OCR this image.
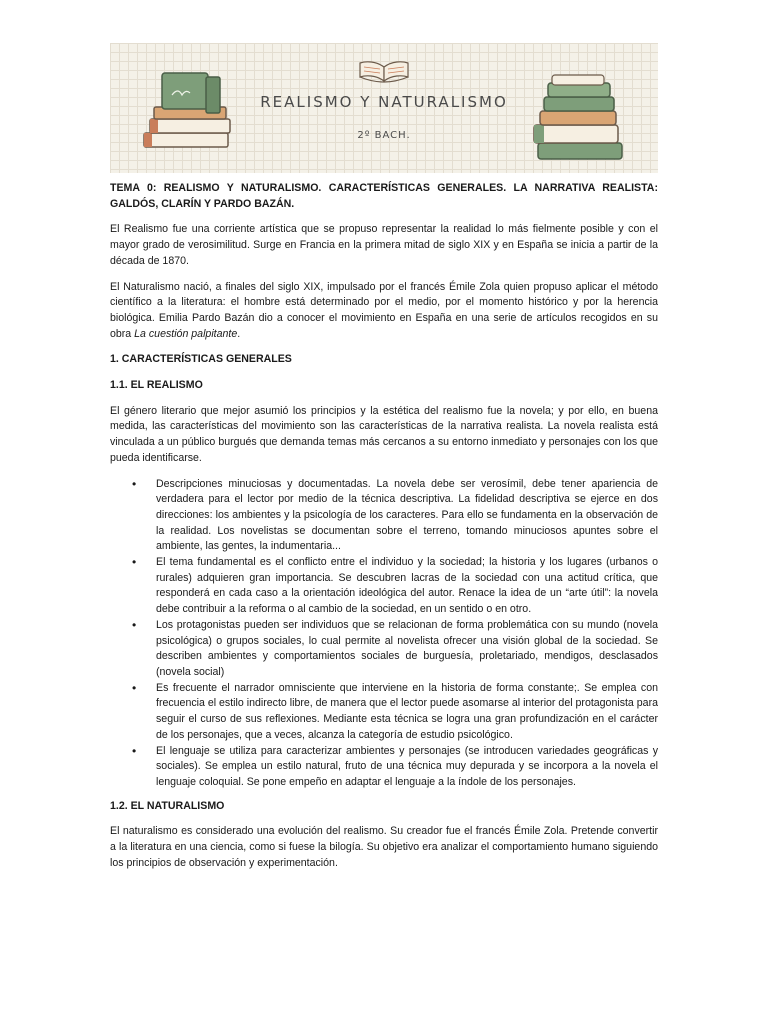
REALISMO Y NATURALISMO
2º BACH.

TEMA 0: REALISMO Y NATURALISMO. CARACTERÍSTICAS GENERALES. LA NARRATIVA REALISTA: GALDÓS, CLARÍN Y PARDO BAZÁN.

El Realismo fue una corriente artística que se propuso representar la realidad lo más fielmente posible y con el mayor grado de verosimilitud. Surge en Francia en la primera mitad de siglo XIX y en España se inicia a partir de la década de 1870.

El Naturalismo nació, a finales del siglo XIX, impulsado por el francés Émile Zola quien propuso aplicar el método científico a la literatura: el hombre está determinado por el medio, por el momento histórico y por la herencia biológica. Emilia Pardo Bazán dio a conocer el movimiento en España en una serie de artículos recogidos en su obra La cuestión palpitante.

1. CARACTERÍSTICAS GENERALES

1.1. EL REALISMO

El género literario que mejor asumió los principios y la estética del realismo fue la novela; y por ello, en buena medida, las características del movimiento son las características de la narrativa realista. La novela realista está vinculada a un público burgués que demanda temas más cercanos a su entorno inmediato y personajes con los que pueda identificarse.

• Descripciones minuciosas y documentadas. La novela debe ser verosímil, debe tener apariencia de verdadera para el lector por medio de la técnica descriptiva. La fidelidad descriptiva se ejerce en dos direcciones: los ambientes y la psicología de los caracteres. Para ello se fundamenta en la observación de la realidad. Los novelistas se documentan sobre el terreno, tomando minuciosos apuntes sobre el ambiente, las gentes, la indumentaria...
• El tema fundamental es el conflicto entre el individuo y la sociedad; la historia y los lugares (urbanos o rurales) adquieren gran importancia. Se descubren lacras de la sociedad con una actitud crítica, que responderá en cada caso a la orientación ideológica del autor. Renace la idea de un “arte útil”: la novela debe contribuir a la reforma o al cambio de la sociedad, en un sentido o en otro.
• Los protagonistas pueden ser individuos que se relacionan de forma problemática con su mundo (novela psicológica) o grupos sociales, lo cual permite al novelista ofrecer una visión global de la sociedad. Se describen ambientes y comportamientos sociales de burguesía, proletariado, mendigos, desclasados (novela social)
• Es frecuente el narrador omnisciente que interviene en la historia de forma constante;. Se emplea con frecuencia el estilo indirecto libre, de manera que el lector puede asomarse al interior del protagonista para seguir el curso de sus reflexiones. Mediante esta técnica se logra una gran profundización en el carácter de los personajes, que a veces, alcanza la categoría de estudio psicológico.
• El lenguaje se utiliza para caracterizar ambientes y personajes (se introducen variedades geográficas y sociales). Se emplea un estilo natural, fruto de una técnica muy depurada y se incorpora a la novela el lenguaje coloquial. Se pone empeño en adaptar el lenguaje a la índole de los personajes.

1.2. EL NATURALISMO

El naturalismo es considerado una evolución del realismo. Su creador fue el francés Émile Zola. Pretende convertir a la literatura en una ciencia, como si fuese la bilogía. Su objetivo era analizar el comportamiento humano siguiendo los principios de observación y experimentación.
